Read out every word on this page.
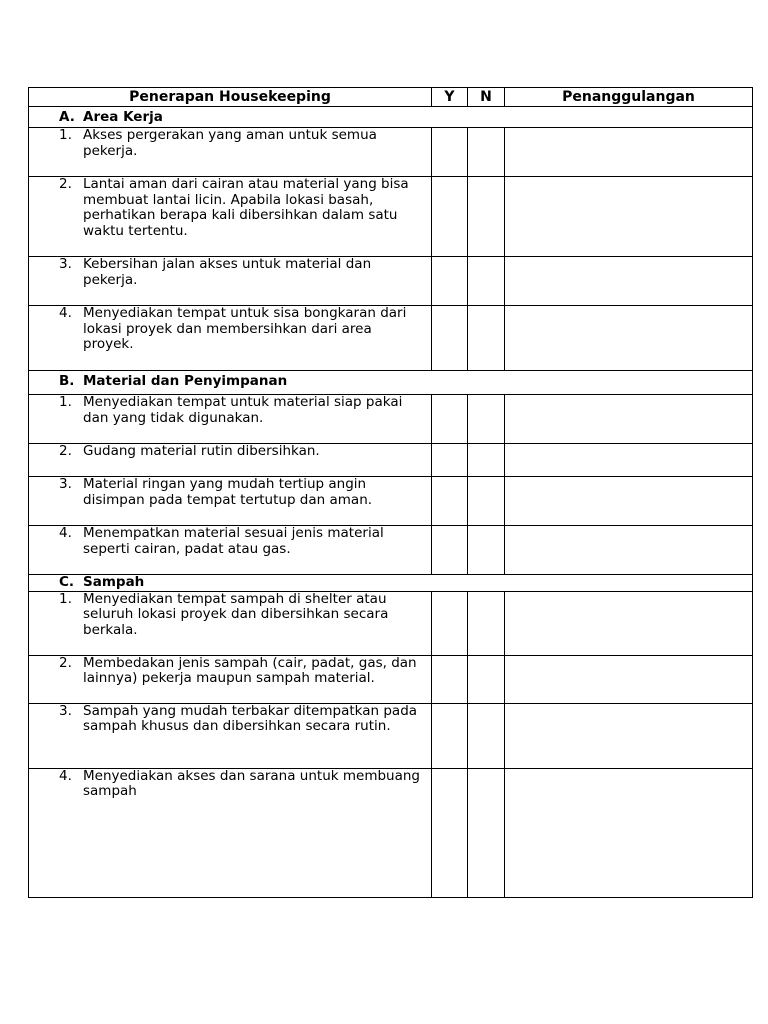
Penerapan Housekeeping	Y	N	Penanggulangan
A. Area Kerja			

1. Akses pergerakan yang aman untuk semua pekerja.			

2. Lantai aman dari cairan atau material yang bisa membuat lantai licin. Apabila lokasi basah, perhatikan berapa kali dibersihkan dalam satu waktu tertentu.			

3. Kebersihan jalan akses untuk material dan pekerja.			

4. Menyediakan tempat untuk sisa bongkaran dari lokasi proyek dan membersihkan dari area proyek.			

B. Material dan Penyimpanan			

1. Menyediakan tempat untuk material siap pakai dan yang tidak digunakan.			

2. Gudang material rutin dibersihkan.			

3. Material ringan yang mudah tertiup angin disimpan pada tempat tertutup dan aman.			

4. Menempatkan material sesuai jenis material seperti cairan, padat atau gas.			

C. Sampah			

1. Menyediakan tempat sampah di shelter atau seluruh lokasi proyek dan dibersihkan secara berkala.			

2. Membedakan jenis sampah (cair, padat, gas, dan lainnya) pekerja maupun sampah material.			

3. Sampah yang mudah terbakar ditempatkan pada sampah khusus dan dibersihkan secara rutin.			

4. Menyediakan akses dan sarana untuk membuang sampah			
